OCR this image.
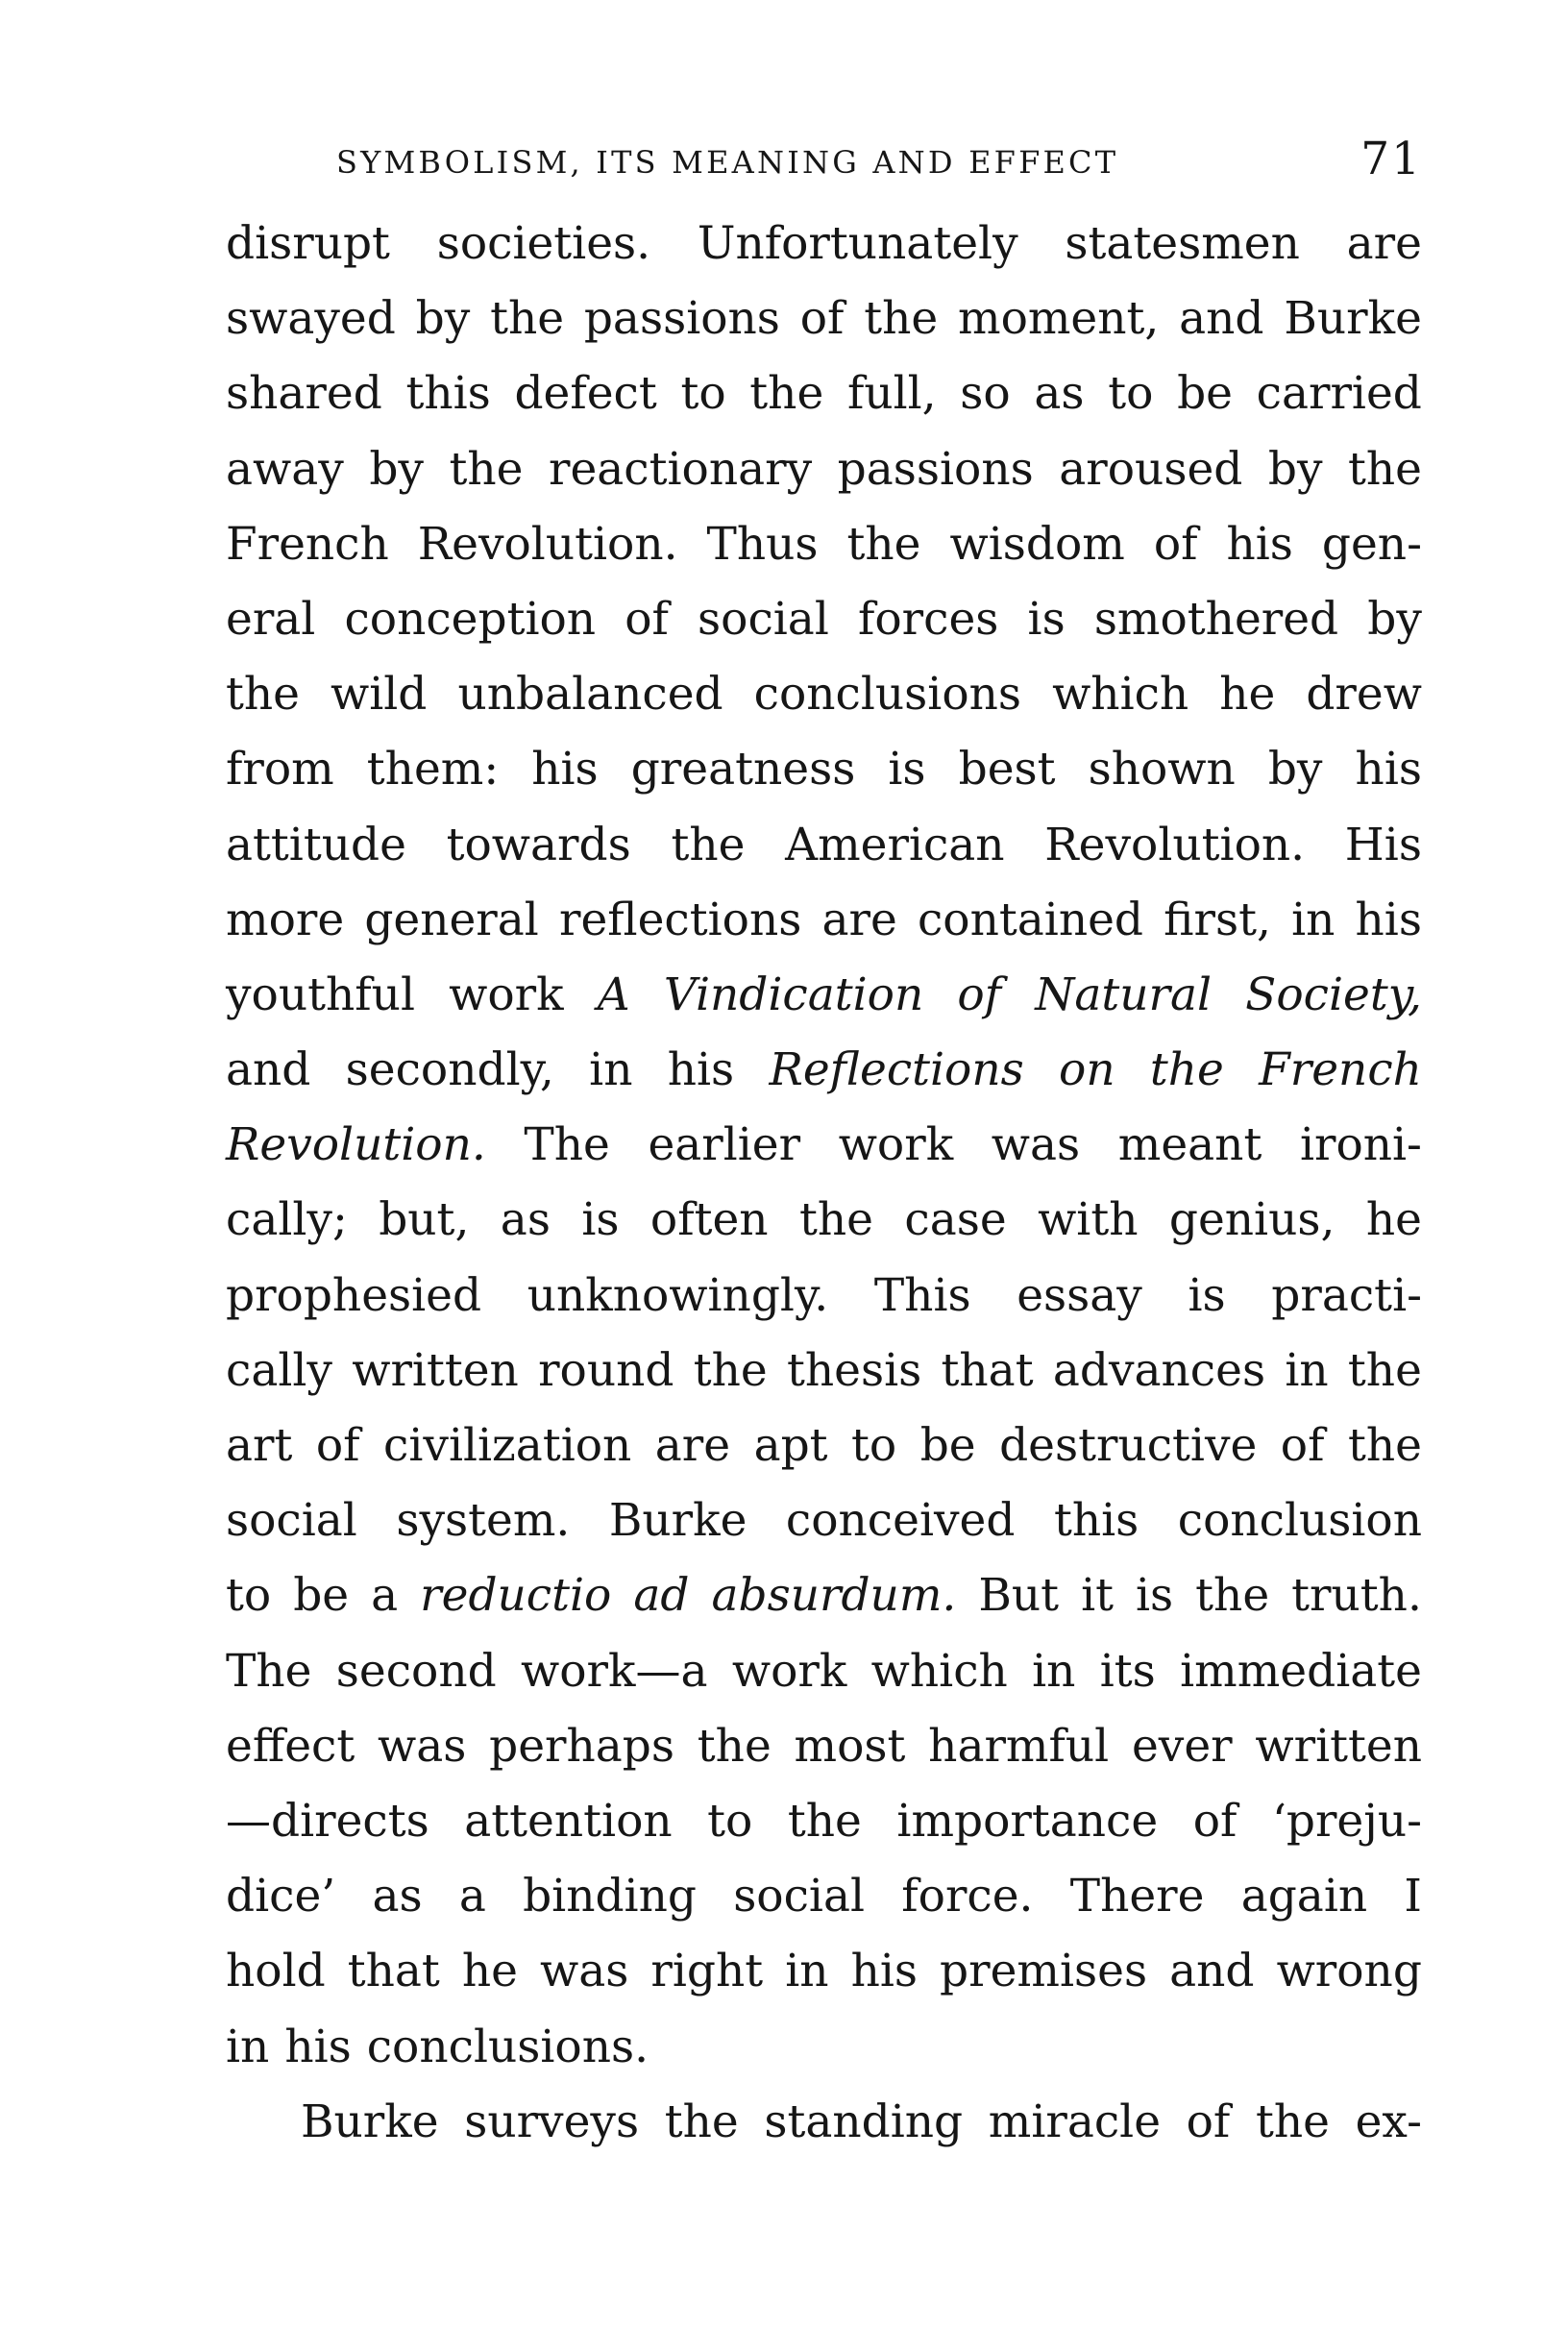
SYMBOLISM, ITS MEANING AND EFFECT	71
disrupt societies. Unfortunately statesmen are
swayed by the passions of the moment, and Burke
shared this defect to the full, so as to be carried
away by the reactionary passions aroused by the
French Revolution. Thus the wisdom of his gen-
eral conception of social forces is smothered by
the wild unbalanced conclusions which he drew
from them: his greatness is best shown by his
attitude towards the American Revolution. His
more general reflections are contained first, in his
youthful work A Vindication of Natural Society,
and secondly, in his Reflections on the French
Revolution. The earlier work was meant ironi-
cally; but, as is often the case with genius, he
prophesied unknowingly. This essay is practi-
cally written round the thesis that advances in the
art of civilization are apt to be destructive of the
social system. Burke conceived this conclusion
to be a reductio ad absurdum. But it is the truth.
The second work—a work which in its immediate
effect was perhaps the most harmful ever written
—directs attention to the importance of ‘preju-
dice’ as a binding social force. There again I
hold that he was right in his premises and wrong
in his conclusions.
Burke surveys the standing miracle of the ex-
